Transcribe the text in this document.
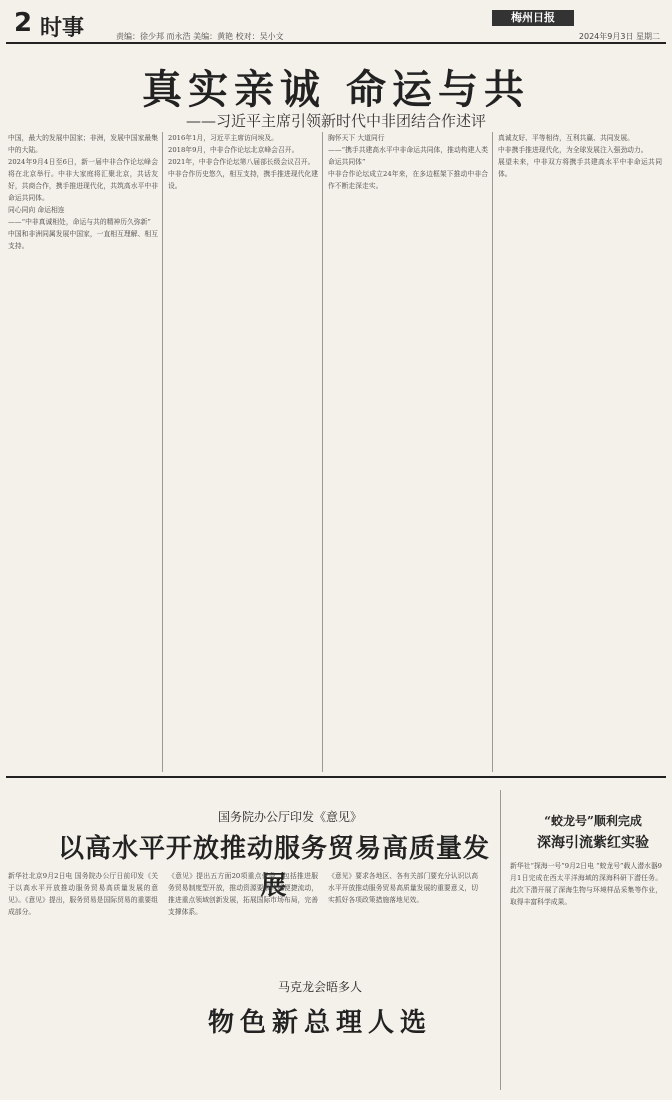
2 时事	责编：徐少邦 而永浩 美编：黄艳 校对：吴小文
梅州日报
2024年9月3日 星期二
真实亲诚 命运与共
——习近平主席引领新时代中非团结合作述评
中国，最大的发展中国家；非洲，发展中国家最集中的大陆。
2024年9月4日至6日，新一届中非合作论坛峰会将在北京举行。中非大家庭将汇聚北京，共话友好，共商合作，携手推进现代化，共筑高水平中非命运共同体。
同心同向 命运相连
——“中非真诚相处，命运与共的精神历久弥新”
中国和非洲同属发展中国家，一直相互理解、相互支持。
2016年1月，习近平主席访问埃及。
2018年9月，中非合作论坛北京峰会召开。
2021年，中非合作论坛第八届部长级会议召开。
中非合作历史悠久，相互支持，携手推进现代化建设。
胸怀天下 大道同行
——“携手共建高水平中非命运共同体，推动构建人类命运共同体”
中非合作论坛成立24年来，在多边框架下推动中非合作不断走深走实。
真诚友好、平等相待，互利共赢、共同发展。
中非携手推进现代化，为全球发展注入强劲动力。
展望未来，中非双方将携手共建高水平中非命运共同体。
国务院办公厅印发《意见》
以高水平开放推动服务贸易高质量发展
新华社北京9月2日电 国务院办公厅日前印发《关于以高水平开放推动服务贸易高质量发展的意见》。《意见》提出，服务贸易是国际贸易的重要组成部分。
《意见》提出五方面20项重点任务，包括推进服务贸易制度型开放，推动资源要素跨境便捷流动，推进重点领域创新发展，拓展国际市场布局，完善支撑体系。
《意见》要求各地区、各有关部门要充分认识以高水平开放推动服务贸易高质量发展的重要意义，切实抓好各项政策措施落地见效。
马克龙会晤多人
物色新总理人选
“蛟龙号”顺利完成
深海引流紫红实验
新华社“探海一号”9月2日电 “蛟龙号”载人潜水器9月1日完成在西太平洋海域的深海科研下潜任务。此次下潜开展了深海生物与环境样品采集等作业，取得丰富科学成果。
